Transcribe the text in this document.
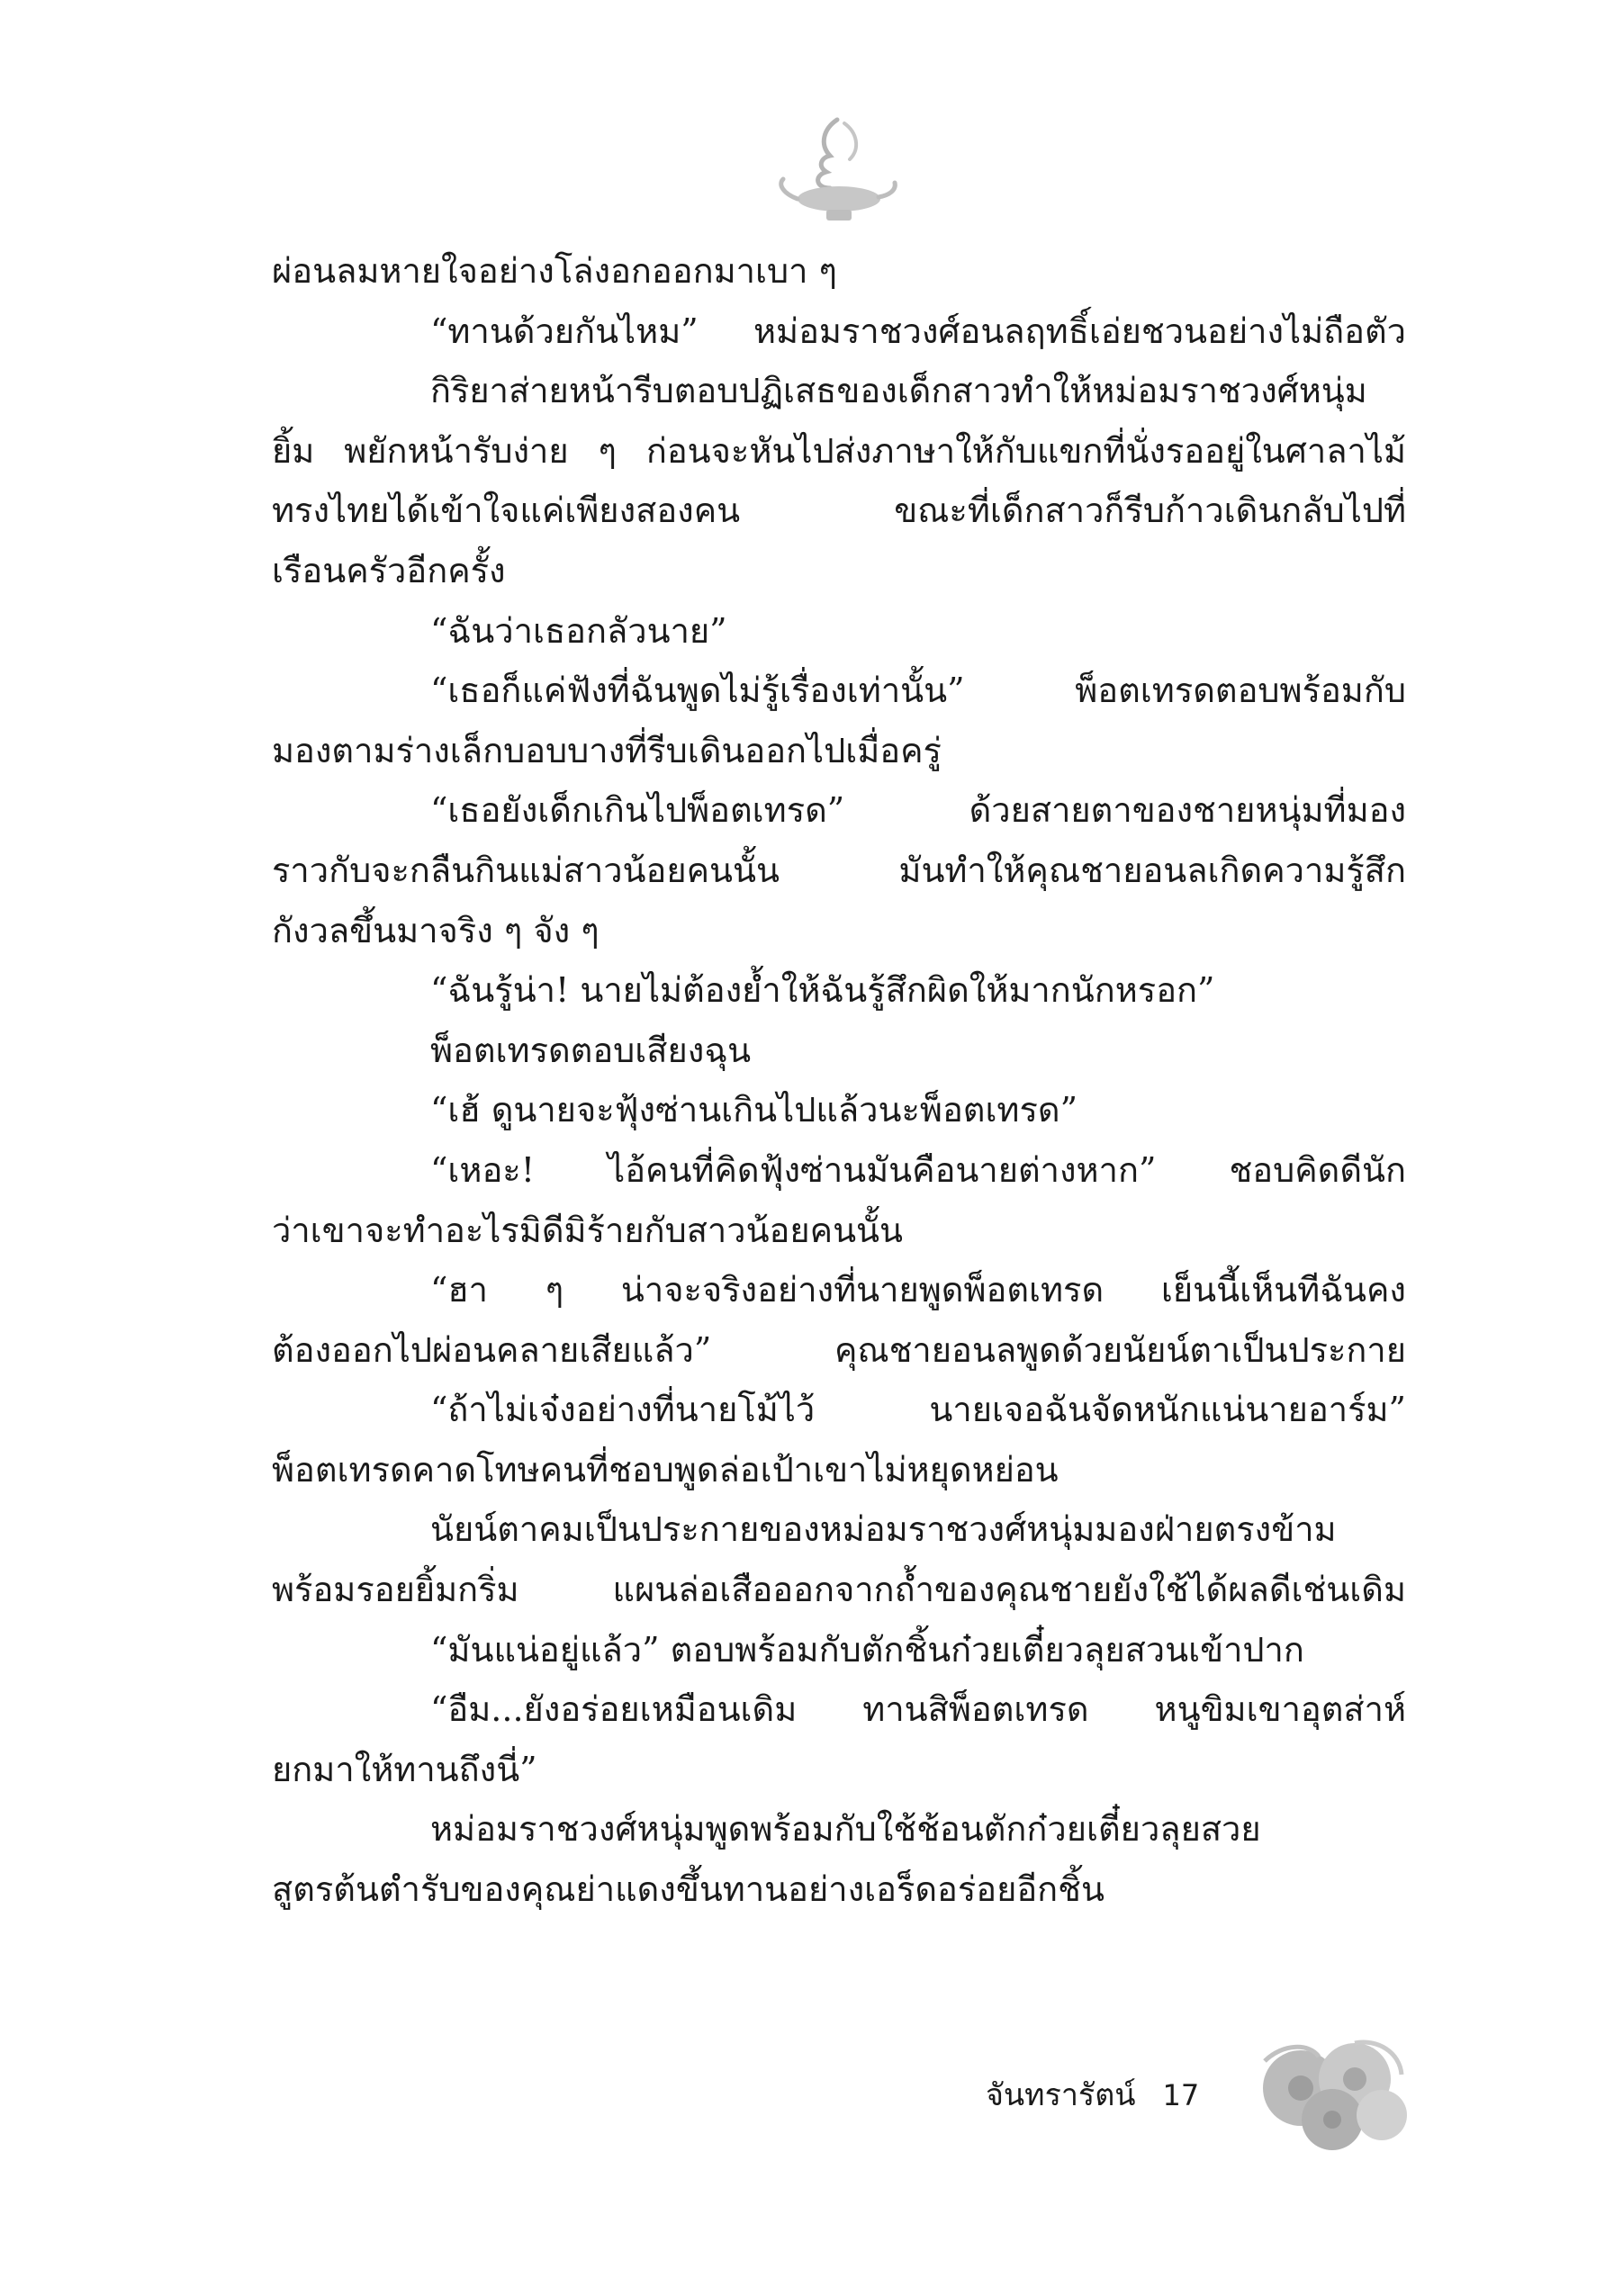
ผ่อนลมหายใจอย่างโล่งอกออกมาเบา ๆ
“ทานด้วยกันไหม” หม่อมราชวงศ์อนลฤทธิ์เอ่ยชวนอย่างไม่ถือตัว
กิริยาส่ายหน้ารีบตอบปฏิเสธของเด็กสาวทำให้หม่อมราชวงศ์หนุ่ม
ยิ้ม พยักหน้ารับง่าย ๆ ก่อนจะหันไปส่งภาษาให้กับแขกที่นั่งรออยู่ในศาลาไม้
ทรงไทยได้เข้าใจแค่เพียงสองคน ขณะที่เด็กสาวก็รีบก้าวเดินกลับไปที่
เรือนครัวอีกครั้ง
“ฉันว่าเธอกลัวนาย”
“เธอก็แค่ฟังที่ฉันพูดไม่รู้เรื่องเท่านั้น” พ็อตเทรดตอบพร้อมกับ
มองตามร่างเล็กบอบบางที่รีบเดินออกไปเมื่อครู่
“เธอยังเด็กเกินไปพ็อตเทรด” ด้วยสายตาของชายหนุ่มที่มอง
ราวกับจะกลืนกินแม่สาวน้อยคนนั้น มันทำให้คุณชายอนลเกิดความรู้สึก
กังวลขึ้นมาจริง ๆ จัง ๆ
“ฉันรู้น่า! นายไม่ต้องย้ำให้ฉันรู้สึกผิดให้มากนักหรอก”
พ็อตเทรดตอบเสียงฉุน
“เฮ้ ดูนายจะฟุ้งซ่านเกินไปแล้วนะพ็อตเทรด”
“เหอะ! ไอ้คนที่คิดฟุ้งซ่านมันคือนายต่างหาก” ชอบคิดดีนัก
ว่าเขาจะทำอะไรมิดีมิร้ายกับสาวน้อยคนนั้น
“ฮา ๆ น่าจะจริงอย่างที่นายพูดพ็อตเทรด เย็นนี้เห็นทีฉันคง
ต้องออกไปผ่อนคลายเสียแล้ว” คุณชายอนลพูดด้วยนัยน์ตาเป็นประกาย
“ถ้าไม่เจ๋งอย่างที่นายโม้ไว้ นายเจอฉันจัดหนักแน่นายอาร์ม”
พ็อตเทรดคาดโทษคนที่ชอบพูดล่อเป้าเขาไม่หยุดหย่อน
นัยน์ตาคมเป็นประกายของหม่อมราชวงศ์หนุ่มมองฝ่ายตรงข้าม
พร้อมรอยยิ้มกริ่ม แผนล่อเสือออกจากถ้ำของคุณชายยังใช้ได้ผลดีเช่นเดิม
“มันแน่อยู่แล้ว” ตอบพร้อมกับตักชิ้นก๋วยเตี๋ยวลุยสวนเข้าปาก
“อืม...ยังอร่อยเหมือนเดิม ทานสิพ็อตเทรด หนูขิมเขาอุตส่าห์
ยกมาให้ทานถึงนี่”
หม่อมราชวงศ์หนุ่มพูดพร้อมกับใช้ช้อนตักก๋วยเตี๋ยวลุยสวย
สูตรต้นตำรับของคุณย่าแดงขึ้นทานอย่างเอร็ดอร่อยอีกชิ้น
จันทรารัตน์ 17
